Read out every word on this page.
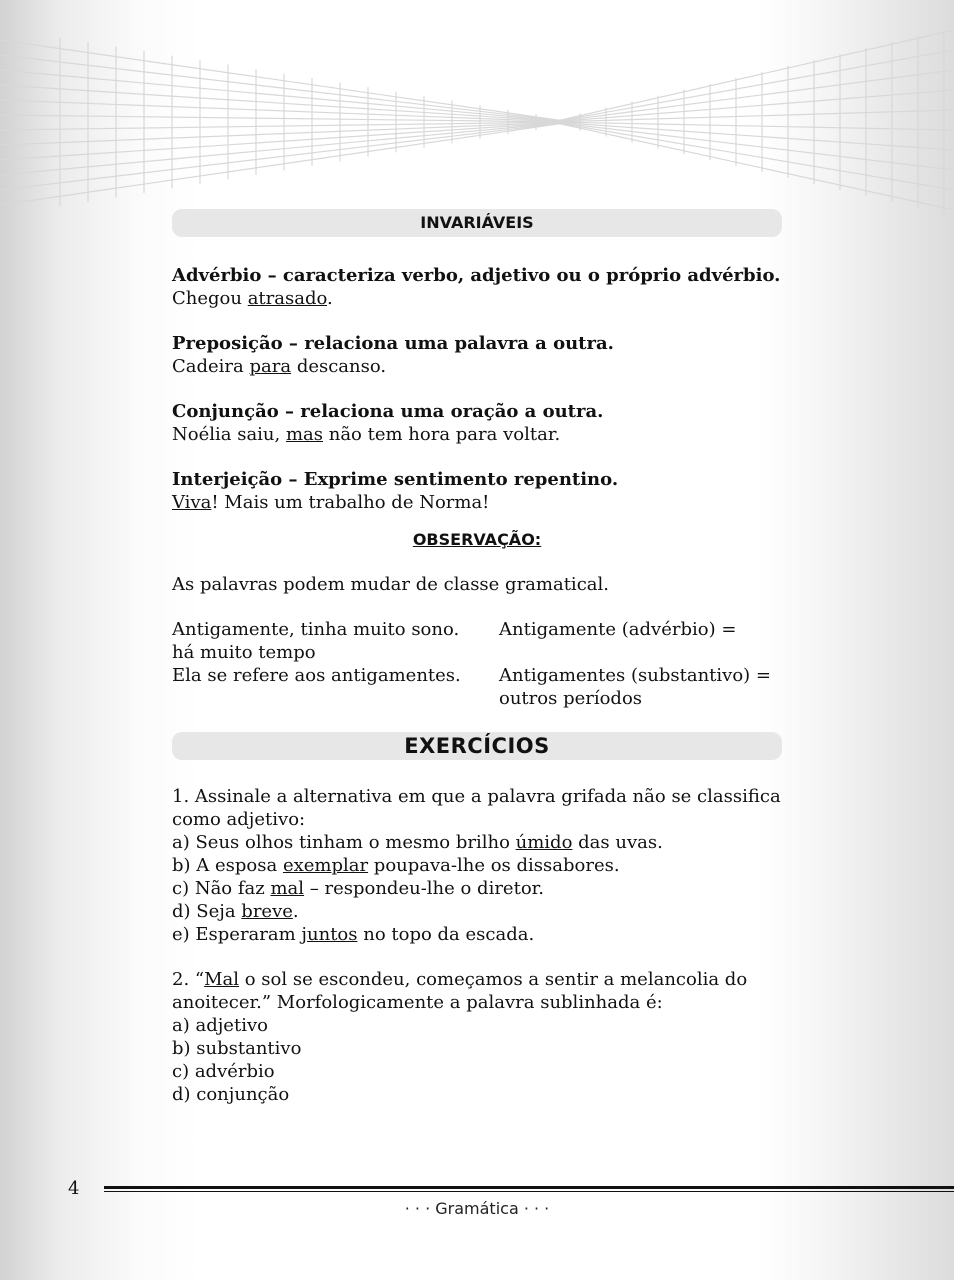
INVARIÁVEIS
Advérbio – caracteriza verbo, adjetivo ou o próprio advérbio.
Chegou atrasado.
Preposição – relaciona uma palavra a outra.
Cadeira para descanso.
Conjunção – relaciona uma oração a outra.
Noélia saiu, mas não tem hora para voltar.
Interjeição – Exprime sentimento repentino.
Viva! Mais um trabalho de Norma!
OBSERVAÇÃO:
As palavras podem mudar de classe gramatical.
Antigamente, tinha muito sono.	Antigamente (advérbio) =
há muito tempo
Ela se refere aos antigamentes.	Antigamentes (substantivo) =
outros períodos
EXERCÍCIOS
1. Assinale a alternativa em que a palavra grifada não se classifica
como adjetivo:
a) Seus olhos tinham o mesmo brilho úmido das uvas.
b) A esposa exemplar poupava-lhe os dissabores.
c) Não faz mal – respondeu-lhe o diretor.
d) Seja breve.
e) Esperaram juntos no topo da escada.
2. “Mal o sol se escondeu, começamos a sentir a melancolia do
anoitecer.” Morfologicamente a palavra sublinhada é:
a) adjetivo
b) substantivo
c) advérbio
d) conjunção
4
· · · Gramática · · ·
